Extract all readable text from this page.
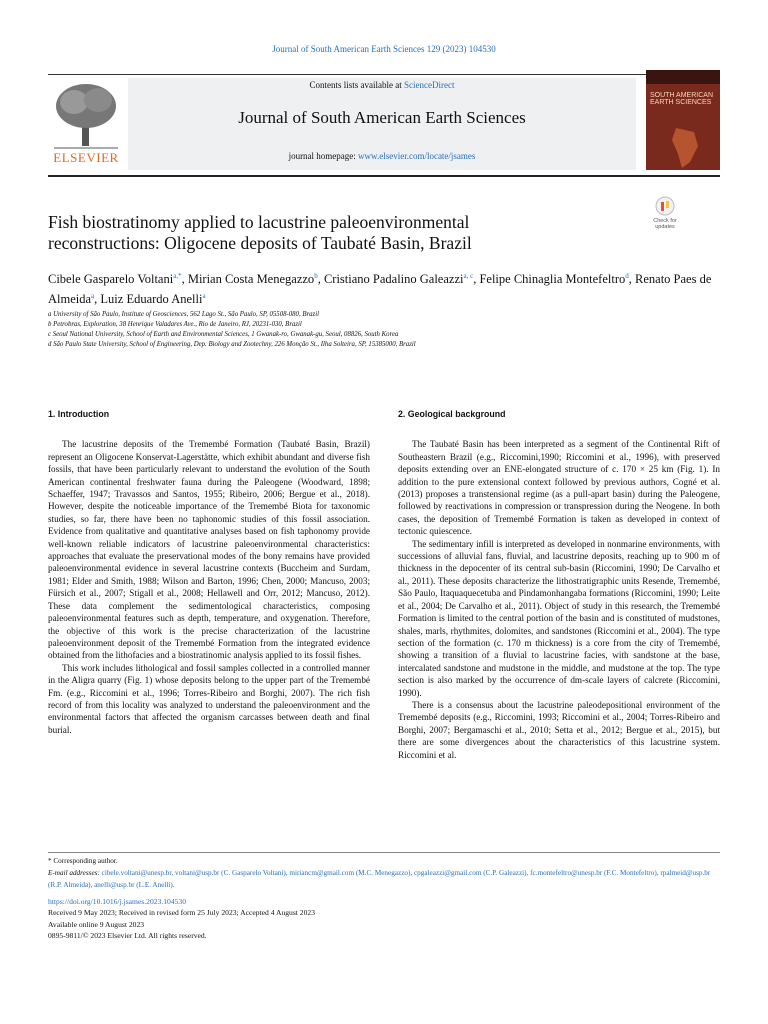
Journal of South American Earth Sciences 129 (2023) 104530
ELSEVIER
Contents lists available at ScienceDirect
Journal of South American Earth Sciences
journal homepage: www.elsevier.com/locate/jsames
SOUTH AMERICAN EARTH SCIENCES
Check for updates
Fish biostratinomy applied to lacustrine paleoenvironmental
reconstructions: Oligocene deposits of Taubaté Basin, Brazil
Cibele Gasparelo Voltani$^{a,*}$, Mirian Costa Menegazzo$^b$, Cristiano Padalino Galeazzi$^{a, c}$, Felipe Chinaglia Montefeltro$^d$, Renato Paes de Almeida$^a$, Luiz Eduardo Anelli$^a$
a University of São Paulo, Institute of Geosciences, 562 Lago St., São Paulo, SP, 05508-080, Brazil
b Petrobras, Exploration, 38 Henrique Valadares Ave., Rio de Janeiro, RJ, 20231-030, Brazil
c Seoul National University, School of Earth and Environmental Sciences, 1 Gwanak-ro, Gwanak-gu, Seoul, 08826, South Korea
d São Paulo State University, School of Engineering, Dep. Biology and Zootechny, 226 Monção St., Ilha Solteira, SP, 15385000, Brazil
1. Introduction

The lacustrine deposits of the Tremembé Formation (Taubaté Basin, Brazil) represent an Oligocene Konservat-Lagerstätte, which exhibit abundant and diverse fish fossils, that have been particularly relevant to understand the evolution of the South American continental freshwater fauna during the Paleogene (Woodward, 1898; Schaeffer, 1947; Travassos and Santos, 1955; Ribeiro, 2006; Bergue et al., 2018). However, despite the noticeable importance of the Tremembé Biota for taxonomic studies, so far, there have been no taphonomic studies of this fossil association. Evidence from qualitative and quantitative analyses based on fish taphonomy provide well-known reliable indicators of lacustrine paleoenvironmental characteristics: approaches that evaluate the preservational modes of the bony remains have provided paleoenvironmental evidence in several lacustrine contexts (Buccheim and Surdam, 1981; Elder and Smith, 1988; Wilson and Barton, 1996; Chen, 2000; Mancuso, 2003; Fürsich et al., 2007; Stigall et al., 2008; Hellawell and Orr, 2012; Mancuso, 2012). These data complement the sedimentological characteristics, composing paleoenvironmental features such as depth, temperature, and oxygenation. Therefore, the objective of this work is the precise characterization of the lacustrine paleoenvironment deposit of the Tremembé Formation from the integrated evidence obtained from the lithofacies and a biostratinomic analysis applied to its fossil fishes.

This work includes lithological and fossil samples collected in a controlled manner in the Aligra quarry (Fig. 1) whose deposits belong to the upper part of the Tremembé Fm. (e.g., Riccomini et al., 1996; Torres-Ribeiro and Borghi, 2007). The rich fish record of from this locality was analyzed to understand the paleoenvironment and the environmental factors that affected the organism carcasses between death and final burial.

2. Geological background

The Taubaté Basin has been interpreted as a segment of the Continental Rift of Southeastern Brazil (e.g., Riccomini,1990; Riccomini et al., 1996), with preserved deposits extending over an ENE-elongated structure of c. 170 × 25 km (Fig. 1). In addition to the pure extensional context followed by previous authors, Cogné et al. (2013) proposes a transtensional regime (as a pull-apart basin) during the Paleogene, followed by reactivations in compression or transpression during the Neogene. In both cases, the deposition of Tremembé Formation is taken as developed in context of tectonic quiescence.

The sedimentary infill is interpreted as developed in nonmarine environments, with successions of alluvial fans, fluvial, and lacustrine deposits, reaching up to 900 m of thickness in the depocenter of its central sub-basin (Riccomini, 1990; De Carvalho et al., 2011). These deposits characterize the lithostratigraphic units Resende, Tremembé, São Paulo, Itaquaquecetuba and Pindamonhangaba formations (Riccomini, 1990; Leite et al., 2004; De Carvalho et al., 2011). Object of study in this research, the Tremembé Formation is limited to the central portion of the basin and is constituted of mudstones, shales, marls, rhythmites, dolomites, and sandstones (Riccomini et al., 2004). The type section of the formation (c. 170 m thickness) is a core from the city of Tremembé, showing a transition of a fluvial to lacustrine facies, with sandstone at the base, intercalated sandstone and mudstone in the middle, and mudstone at the top. The type section is also marked by the occurrence of dm-scale layers of calcrete (Riccomini, 1990).

There is a consensus about the lacustrine paleodepositional environment of the Tremembé deposits (e.g., Riccomini, 1993; Riccomini et al., 2004; Torres-Ribeiro and Borghi, 2007; Bergamaschi et al., 2010; Setta et al., 2012; Bergue et al., 2015), but there are some divergences about the characteristics of this lacustrine system. Riccomini et al.

* Corresponding author.

E-mail addresses: cibele.voltani@unesp.br, voltani@usp.br (C. Gasparelo Voltani), miriancm@gmail.com (M.C. Menegazzo), cpgaleazzi@gmail.com (C.P. Galeazzi), fc.montefeltro@unesp.br (F.C. Montefeltro), rpalmeid@usp.br (R.P. Almeida), anelli@usp.br (L.E. Anelli).

https://doi.org/10.1016/j.jsames.2023.104530
Received 9 May 2023; Received in revised form 25 July 2023; Accepted 4 August 2023
Available online 9 August 2023
0895-9811/© 2023 Elsevier Ltd. All rights reserved.
